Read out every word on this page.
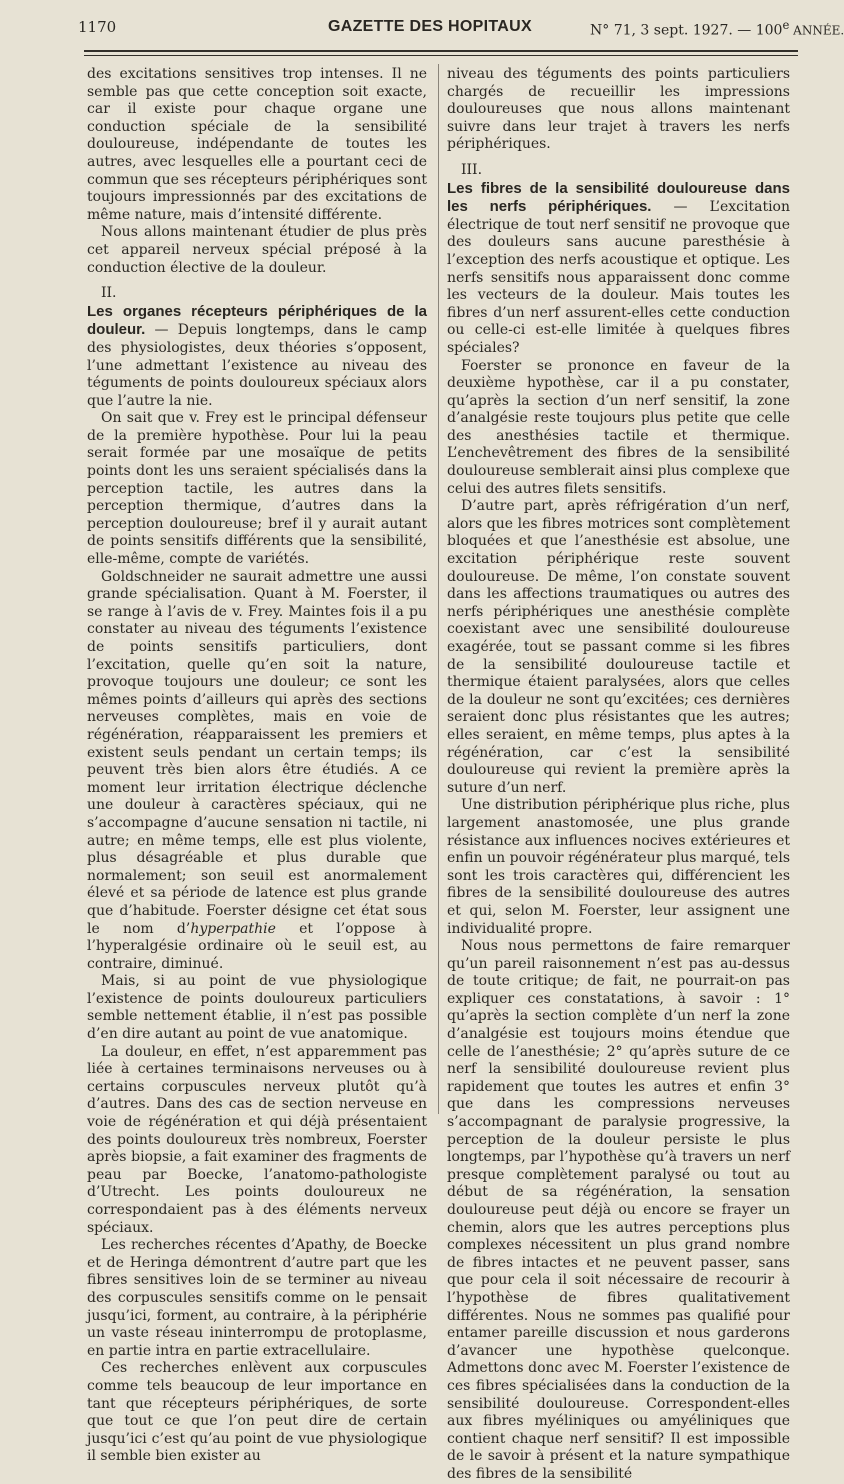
1170	GAZETTE DES HOPITAUX	N° 71, 3 sept. 1927. — 100e ANNÉE.

des excitations sensitives trop intenses. Il ne semble pas que cette conception soit exacte, car il existe pour chaque organe une conduction spéciale de la sensibilité douloureuse, indépendante de toutes les autres, avec lesquelles elle a pourtant ceci de commun que ses récepteurs périphériques sont toujours impressionnés par des excitations de même nature, mais d’intensité différente.

Nous allons maintenant étudier de plus près cet appareil nerveux spécial préposé à la conduction élective de la douleur.

II.

Les organes récepteurs périphériques de la douleur. — Depuis longtemps, dans le camp des physiologistes, deux théories s’opposent, l’une admettant l’existence au niveau des téguments de points douloureux spéciaux alors que l’autre la nie.

On sait que v. Frey est le principal défenseur de la première hypothèse. Pour lui la peau serait formée par une mosaïque de petits points dont les uns seraient spécialisés dans la perception tactile, les autres dans la perception thermique, d’autres dans la perception douloureuse; bref il y aurait autant de points sensitifs différents que la sensibilité, elle-même, compte de variétés.

Goldschneider ne saurait admettre une aussi grande spécialisation. Quant à M. Foerster, il se range à l’avis de v. Frey. Maintes fois il a pu constater au niveau des téguments l’existence de points sensitifs particuliers, dont l’excitation, quelle qu’en soit la nature, provoque toujours une douleur; ce sont les mêmes points d’ailleurs qui après des sections nerveuses complètes, mais en voie de régénération, réapparaissent les premiers et existent seuls pendant un certain temps; ils peuvent très bien alors être étudiés. A ce moment leur irritation électrique déclenche une douleur à caractères spéciaux, qui ne s’accompagne d’aucune sensation ni tactile, ni autre; en même temps, elle est plus violente, plus désagréable et plus durable que normalement; son seuil est anormalement élevé et sa période de latence est plus grande que d’habitude. Foerster désigne cet état sous le nom d’hyperpathie et l’oppose à l’hyperalgésie ordinaire où le seuil est, au contraire, diminué.

Mais, si au point de vue physiologique l’existence de points douloureux particuliers semble nettement établie, il n’est pas possible d’en dire autant au point de vue anatomique.

La douleur, en effet, n’est apparemment pas liée à certaines terminaisons nerveuses ou à certains corpuscules nerveux plutôt qu’à d’autres. Dans des cas de section nerveuse en voie de régénération et qui déjà présentaient des points douloureux très nombreux, Foerster après biopsie, a fait examiner des fragments de peau par Boecke, l’anatomo-pathologiste d’Utrecht. Les points douloureux ne correspondaient pas à des éléments nerveux spéciaux.

Les recherches récentes d’Apathy, de Boecke et de Heringa démontrent d’autre part que les fibres sensitives loin de se terminer au niveau des corpuscules sensitifs comme on le pensait jusqu’ici, forment, au contraire, à la périphérie un vaste réseau ininterrompu de protoplasme, en partie intra en partie extracellulaire.

Ces recherches enlèvent aux corpuscules comme tels beaucoup de leur importance en tant que récepteurs périphériques, de sorte que tout ce que l’on peut dire de certain jusqu’ici c’est qu’au point de vue physiologique il semble bien exister au

niveau des téguments des points particuliers chargés de recueillir les impressions douloureuses que nous allons maintenant suivre dans leur trajet à travers les nerfs périphériques.

III.

Les fibres de la sensibilité douloureuse dans les nerfs périphériques. — L’excitation électrique de tout nerf sensitif ne provoque que des douleurs sans aucune paresthésie à l’exception des nerfs acoustique et optique. Les nerfs sensitifs nous apparaissent donc comme les vecteurs de la douleur. Mais toutes les fibres d’un nerf assurent-elles cette conduction ou celle-ci est-elle limitée à quelques fibres spéciales?

Foerster se prononce en faveur de la deuxième hypothèse, car il a pu constater, qu’après la section d’un nerf sensitif, la zone d’analgésie reste toujours plus petite que celle des anesthésies tactile et thermique. L’enchevêtrement des fibres de la sensibilité douloureuse semblerait ainsi plus complexe que celui des autres filets sensitifs.

D’autre part, après réfrigération d’un nerf, alors que les fibres motrices sont complètement bloquées et que l’anesthésie est absolue, une excitation périphérique reste souvent douloureuse. De même, l’on constate souvent dans les affections traumatiques ou autres des nerfs périphériques une anesthésie complète coexistant avec une sensibilité douloureuse exagérée, tout se passant comme si les fibres de la sensibilité douloureuse tactile et thermique étaient paralysées, alors que celles de la douleur ne sont qu’excitées; ces dernières seraient donc plus résistantes que les autres; elles seraient, en même temps, plus aptes à la régénération, car c’est la sensibilité douloureuse qui revient la première après la suture d’un nerf.

Une distribution périphérique plus riche, plus largement anastomosée, une plus grande résistance aux influences nocives extérieures et enfin un pouvoir régénérateur plus marqué, tels sont les trois caractères qui, différencient les fibres de la sensibilité douloureuse des autres et qui, selon M. Foerster, leur assignent une individualité propre.

Nous nous permettons de faire remarquer qu’un pareil raisonnement n’est pas au-dessus de toute critique; de fait, ne pourrait-on pas expliquer ces constatations, à savoir : 1° qu’après la section complète d’un nerf la zone d’analgésie est toujours moins étendue que celle de l’anesthésie; 2° qu’après suture de ce nerf la sensibilité douloureuse revient plus rapidement que toutes les autres et enfin 3° que dans les compressions nerveuses s’accompagnant de paralysie progressive, la perception de la douleur persiste le plus longtemps, par l’hypothèse qu’à travers un nerf presque complètement paralysé ou tout au début de sa régénération, la sensation douloureuse peut déjà ou encore se frayer un chemin, alors que les autres perceptions plus complexes nécessitent un plus grand nombre de fibres intactes et ne peuvent passer, sans que pour cela il soit nécessaire de recourir à l’hypothèse de fibres qualitativement différentes. Nous ne sommes pas qualifié pour entamer pareille discussion et nous garderons d’avancer une hypothèse quelconque. Admettons donc avec M. Foerster l’existence de ces fibres spécialisées dans la conduction de la sensibilité douloureuse. Correspondent-elles aux fibres myéliniques ou amyéliniques que contient chaque nerf sensitif? Il est impossible de le savoir à présent et la nature sympathique des fibres de la sensibilité
